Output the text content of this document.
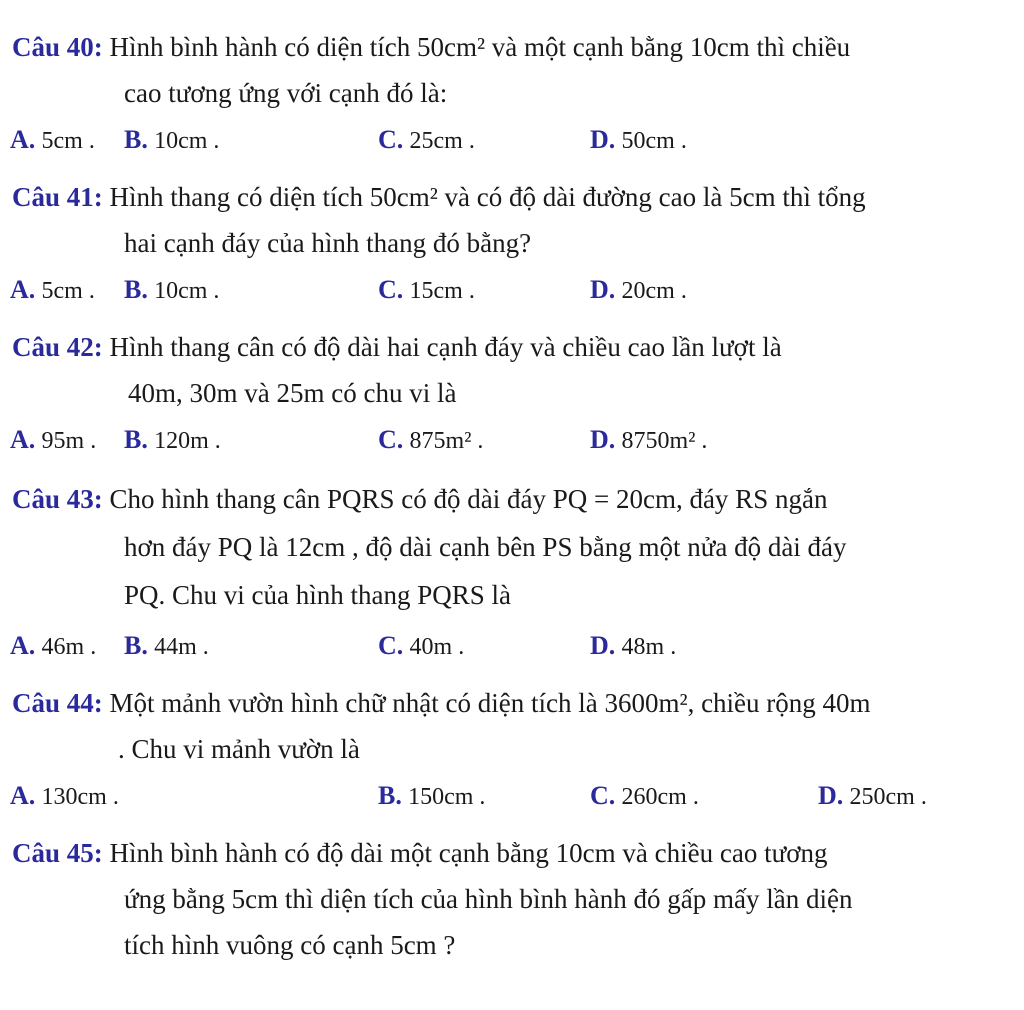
Câu 40: Hình bình hành có diện tích 50cm² và một cạnh bằng 10cm thì chiều
cao tương ứng với cạnh đó là:
A. 5cm . B. 10cm .	C. 25cm .	D. 50cm .
Câu 41: Hình thang có diện tích 50cm² và có độ dài đường cao là 5cm thì tổng
hai cạnh đáy của hình thang đó bằng?
A. 5cm . B. 10cm .	C. 15cm .	D. 20cm .
Câu 42: Hình thang cân có độ dài hai cạnh đáy và chiều cao lần lượt là
40m, 30m và 25m có chu vi là
A. 95m . B. 120m .	C. 875m² .	D. 8750m² .
Câu 43: Cho hình thang cân PQRS có độ dài đáy PQ = 20cm, đáy RS ngắn
hơn đáy PQ là 12cm , độ dài cạnh bên PS bằng một nửa độ dài đáy
PQ. Chu vi của hình thang PQRS là
A. 46m . B. 44m .	C. 40m .	D. 48m .
Câu 44: Một mảnh vườn hình chữ nhật có diện tích là 3600m², chiều rộng 40m
. Chu vi mảnh vườn là
A. 130cm .	B. 150cm .	C. 260cm .	D. 250cm .
Câu 45: Hình bình hành có độ dài một cạnh bằng 10cm và chiều cao tương
ứng bằng 5cm thì diện tích của hình bình hành đó gấp mấy lần diện
tích hình vuông có cạnh 5cm ?
